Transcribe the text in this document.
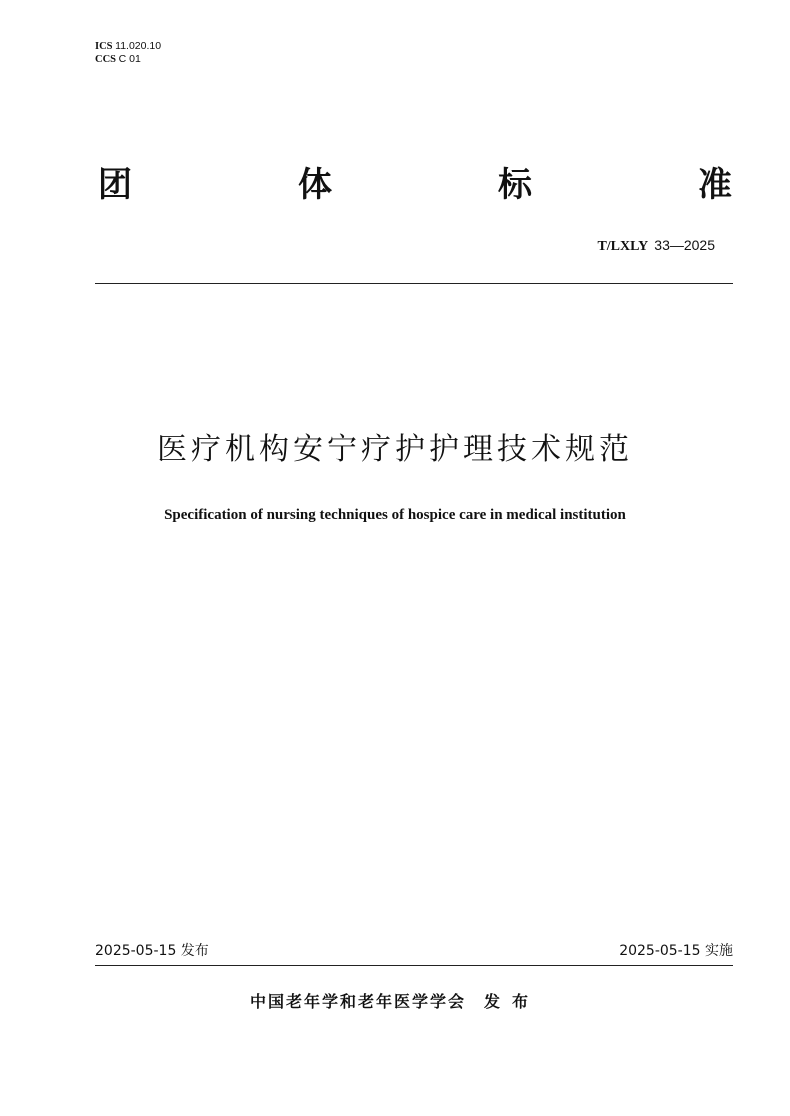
ICS 11.020.10
CCS C 01
团	体	标	准
T/LXLY 33—2025
医疗机构安宁疗护护理技术规范
Specification of nursing techniques of hospice care in medical institution
2025-05-15 发布	2025-05-15 实施
中国老年学和老年医学学会 发布
